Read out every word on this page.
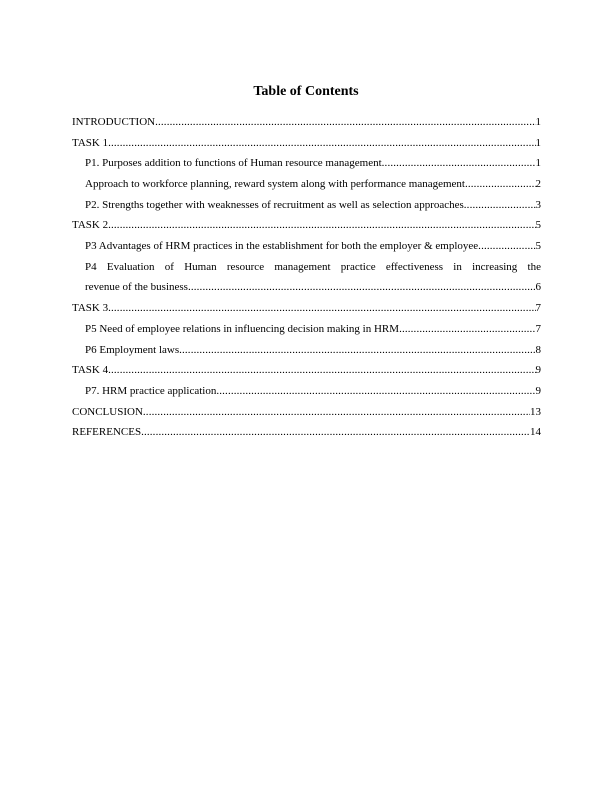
Table of Contents
INTRODUCTION .....	1
TASK 1 .....	1
P1. Purposes addition to functions of Human resource management .....	1
Approach to workforce planning, reward system along with performance management .....	2
P2. Strengths together with weaknesses of recruitment as well as selection approaches .....	3
TASK 2 .....	5
P3 Advantages of HRM practices in the establishment for both the employer & employee .....	5
P4 Evaluation of Human resource management practice effectiveness in increasing the
revenue of the business .....	6
TASK 3 .....	7
P5 Need of employee relations in influencing decision making in HRM .....	7
P6 Employment laws .....	8
TASK 4 .....	9
P7. HRM practice application .....	9
CONCLUSION .....	13
REFERENCES .....	14
